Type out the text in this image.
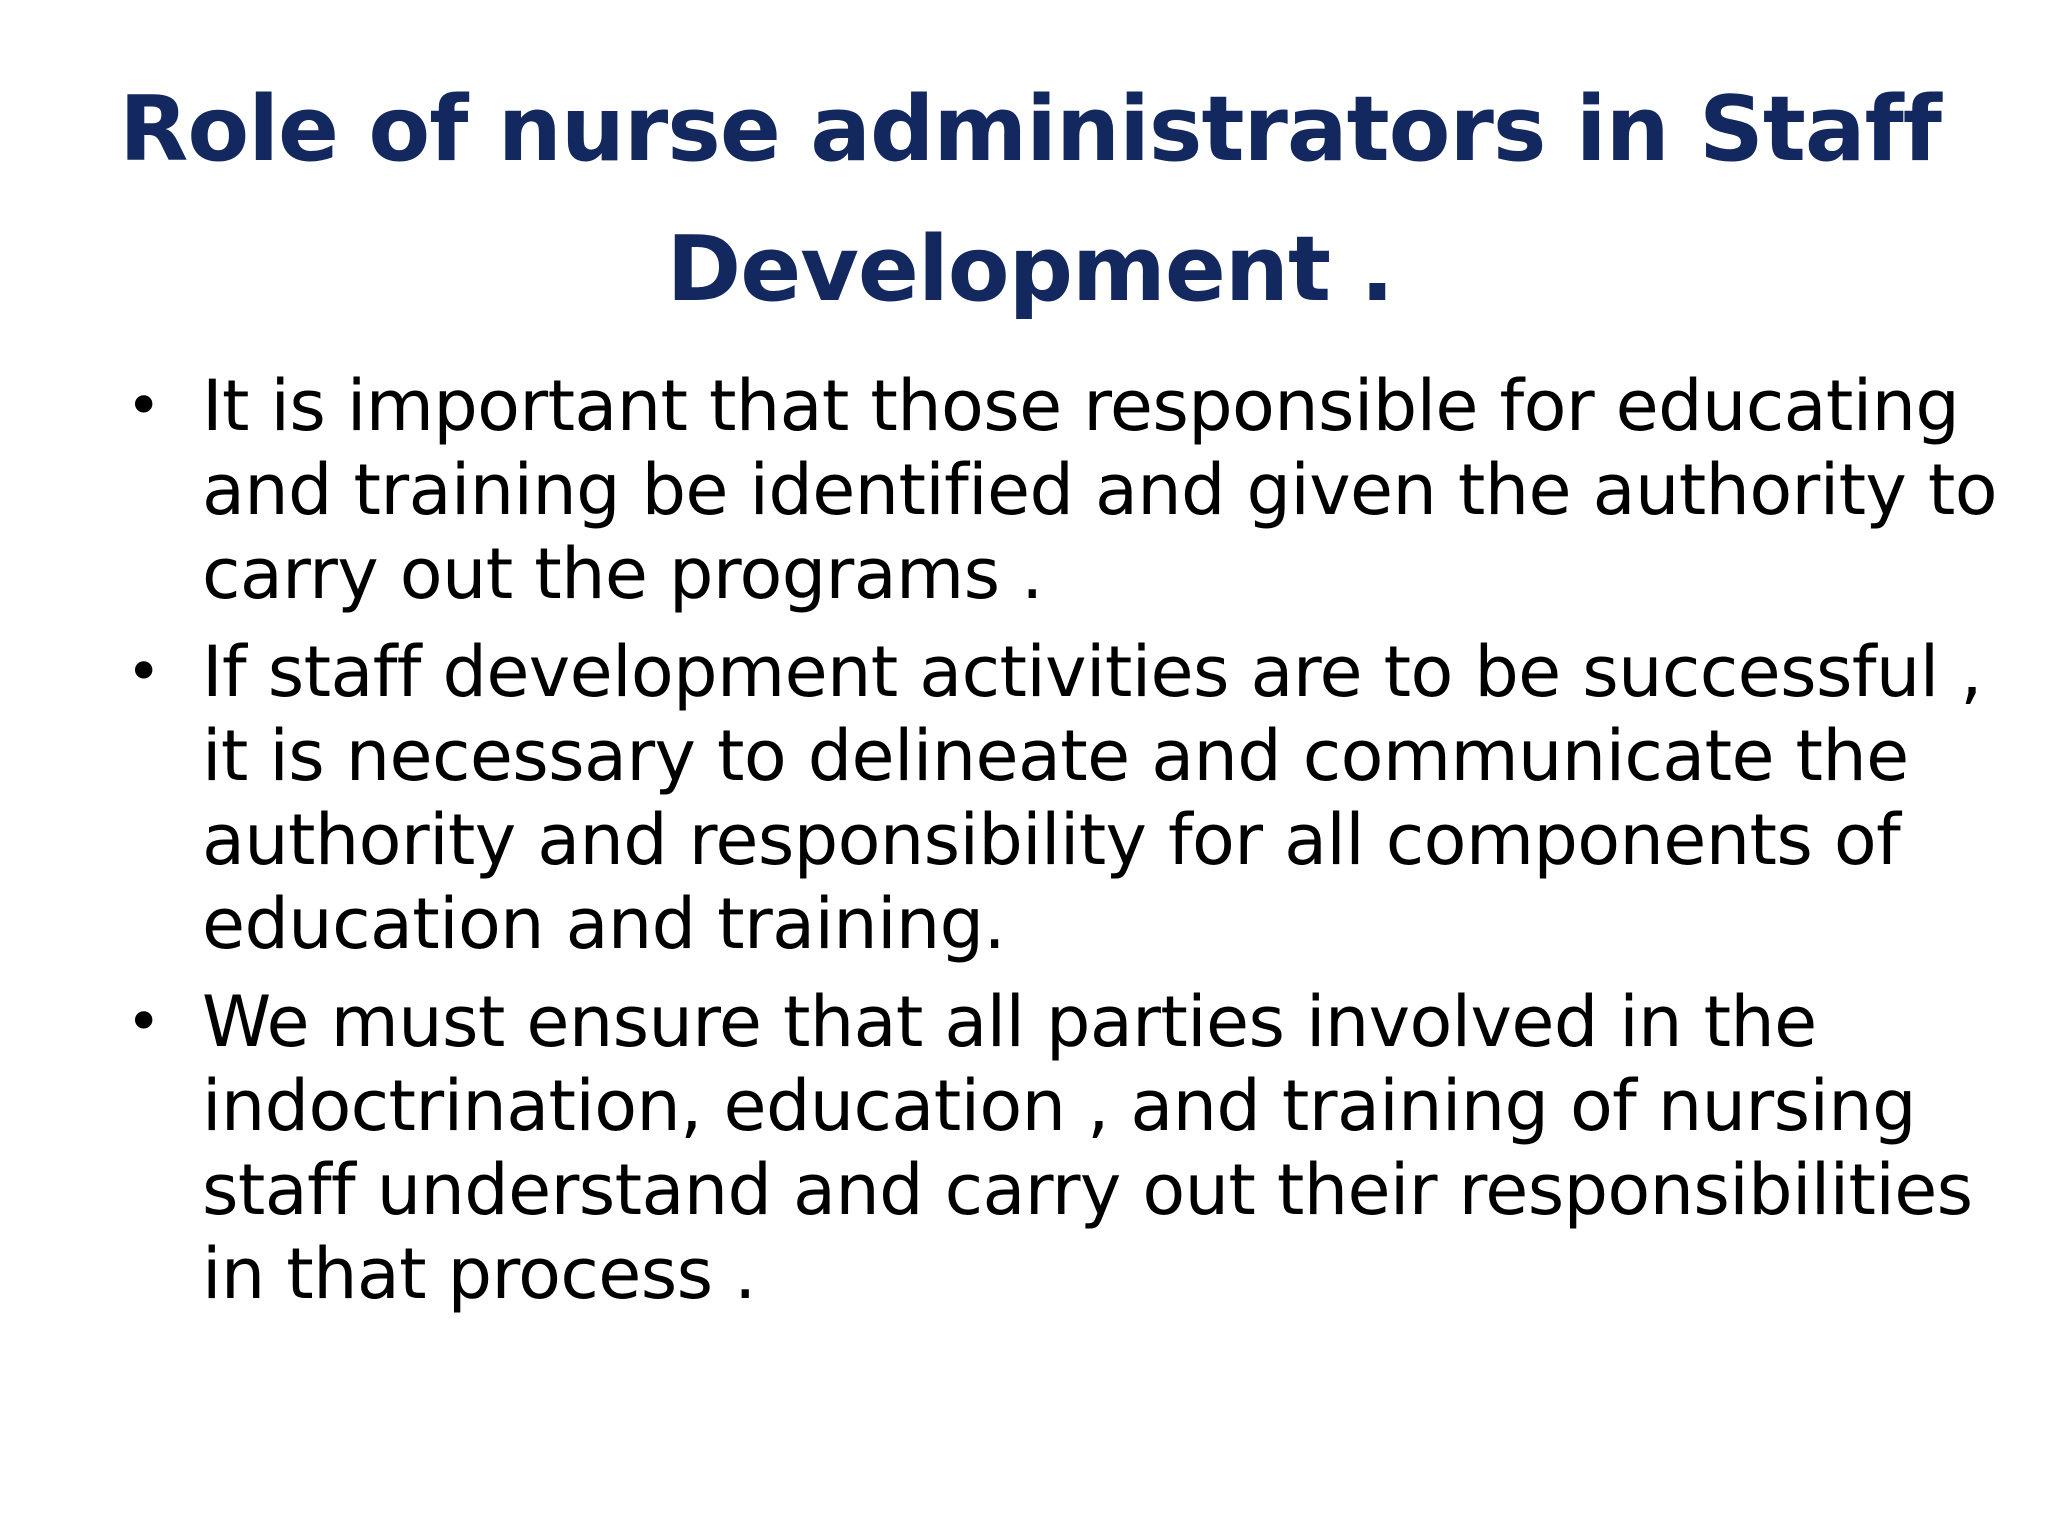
Role of nurse administrators in Staff Development .
• It is important that those responsible for educating and training be identified and given the authority to carry out the programs .
• If staff development activities are to be successful , it is necessary to delineate and communicate the authority and responsibility for all components of education and training.
• We must ensure that all parties involved in the indoctrination, education , and training of nursing staff understand and carry out their responsibilities in that process .
